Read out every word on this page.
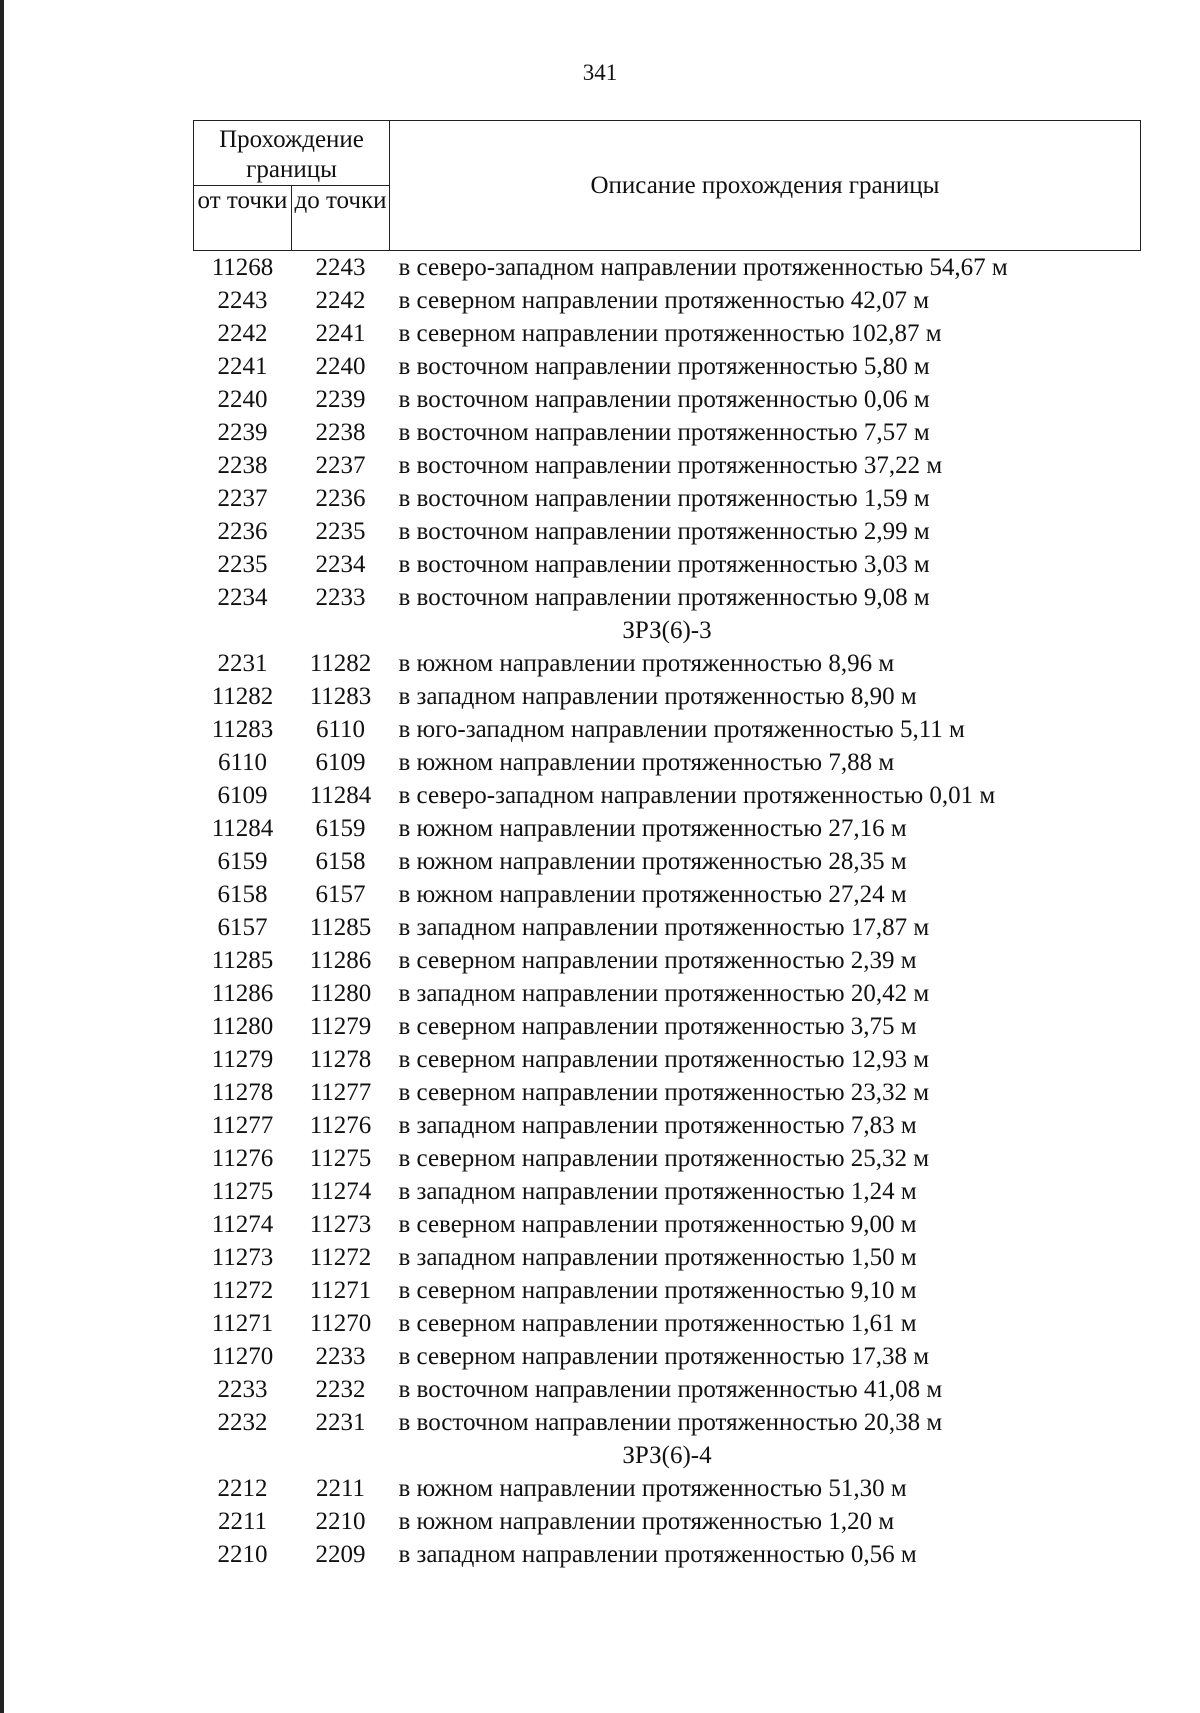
341
Прохождение границы		Описание прохождения границы
от точки	до точки	
11268	2243	в северо-западном направлении протяженностью 54,67 м
2243	2242	в северном направлении протяженностью 42,07 м
2242	2241	в северном направлении протяженностью 102,87 м
2241	2240	в восточном направлении протяженностью 5,80 м
2240	2239	в восточном направлении протяженностью 0,06 м
2239	2238	в восточном направлении протяженностью 7,57 м
2238	2237	в восточном направлении протяженностью 37,22 м
2237	2236	в восточном направлении протяженностью 1,59 м
2236	2235	в восточном направлении протяженностью 2,99 м
2235	2234	в восточном направлении протяженностью 3,03 м
2234	2233	в восточном направлении протяженностью 9,08 м
ЗРЗ(6)-3		
2231	11282	в южном направлении протяженностью 8,96 м
11282	11283	в западном направлении протяженностью 8,90 м
11283	6110	в юго-западном направлении протяженностью 5,11 м
6110	6109	в южном направлении протяженностью 7,88 м
6109	11284	в северо-западном направлении протяженностью 0,01 м
11284	6159	в южном направлении протяженностью 27,16 м
6159	6158	в южном направлении протяженностью 28,35 м
6158	6157	в южном направлении протяженностью 27,24 м
6157	11285	в западном направлении протяженностью 17,87 м
11285	11286	в северном направлении протяженностью 2,39 м
11286	11280	в западном направлении протяженностью 20,42 м
11280	11279	в северном направлении протяженностью 3,75 м
11279	11278	в северном направлении протяженностью 12,93 м
11278	11277	в северном направлении протяженностью 23,32 м
11277	11276	в западном направлении протяженностью 7,83 м
11276	11275	в северном направлении протяженностью 25,32 м
11275	11274	в западном направлении протяженностью 1,24 м
11274	11273	в северном направлении протяженностью 9,00 м
11273	11272	в западном направлении протяженностью 1,50 м
11272	11271	в северном направлении протяженностью 9,10 м
11271	11270	в северном направлении протяженностью 1,61 м
11270	2233	в северном направлении протяженностью 17,38 м
2233	2232	в восточном направлении протяженностью 41,08 м
2232	2231	в восточном направлении протяженностью 20,38 м
ЗРЗ(6)-4		
2212	2211	в южном направлении протяженностью 51,30 м
2211	2210	в южном направлении протяженностью 1,20 м
2210	2209	в западном направлении протяженностью 0,56 м
